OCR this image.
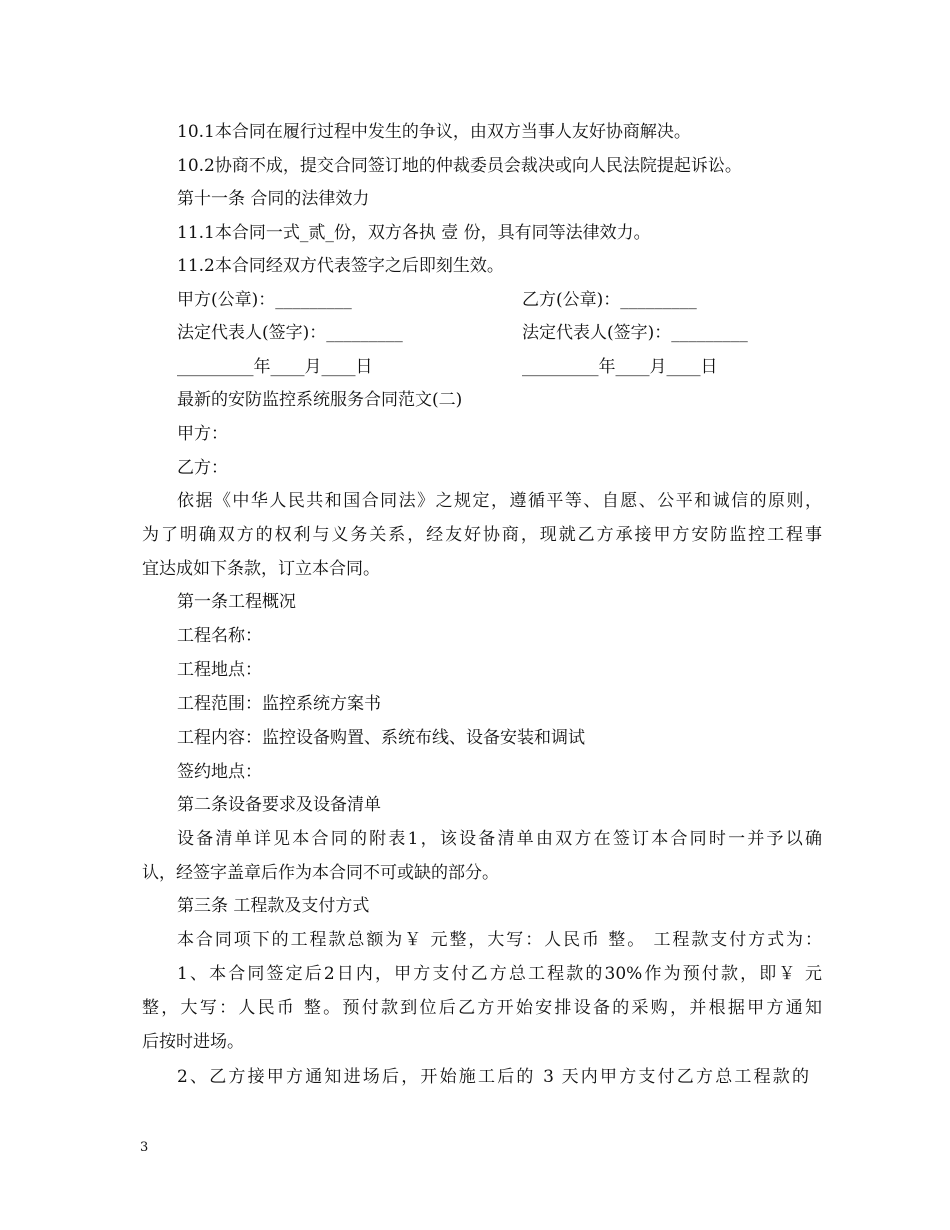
10.1本合同在履行过程中发生的争议，由双方当事人友好协商解决。
10.2协商不成，提交合同签订地的仲裁委员会裁决或向人民法院提起诉讼。
第十一条 合同的法律效力
11.1本合同一式_贰_份，双方各执 壹 份，具有同等法律效力。
11.2本合同经双方代表签字之后即刻生效。
甲方(公章)：_________	乙方(公章)：_________
法定代表人(签字)：_________	法定代表人(签字)：_________
_________年____月____日	_________年____月____日
最新的安防监控系统服务合同范文(二)
甲方：
乙方：
依据《中华人民共和国合同法》之规定，遵循平等、自愿、公平和诚信的原则，
为了明确双方的权利与义务关系，经友好协商，现就乙方承接甲方安防监控工程事
宜达成如下条款，订立本合同。
第一条工程概况
工程名称：
工程地点：
工程范围：监控系统方案书
工程内容：监控设备购置、系统布线、设备安装和调试
签约地点：
第二条设备要求及设备清单
设备清单详见本合同的附表1，该设备清单由双方在签订本合同时一并予以确
认，经签字盖章后作为本合同不可或缺的部分。
第三条 工程款及支付方式
本合同项下的工程款总额为￥ 元整，大写：人民币 整。 工程款支付方式为：
1、本合同签定后2日内，甲方支付乙方总工程款的30%作为预付款，即￥ 元
整，大写：人民币 整。预付款到位后乙方开始安排设备的采购，并根据甲方通知
后按时进场。
2、乙方接甲方通知进场后，开始施工后的 3 天内甲方支付乙方总工程款的
3
